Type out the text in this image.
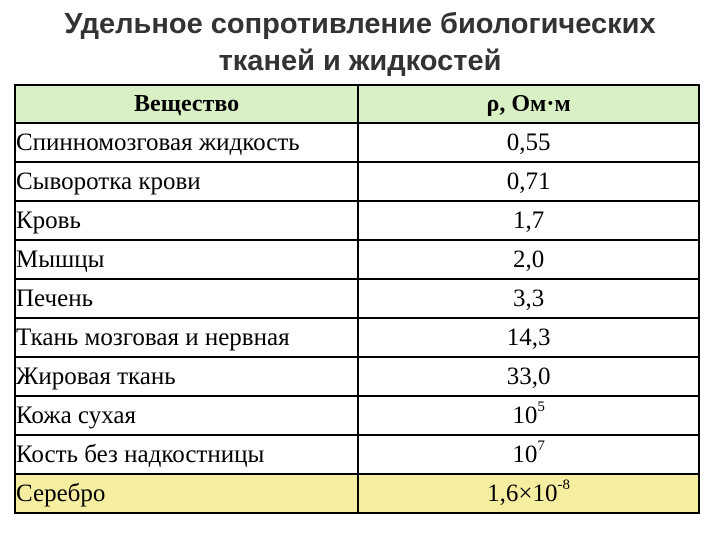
Удельное сопротивление биологических
тканей и жидкостей
Вещество	ρ, Ом·м
Спинномозговая жидкость	0,55
Сыворотка крови	0,71
Кровь	1,7
Мышцы	2,0
Печень	3,3
Ткань мозговая и нервная	14,3
Жировая ткань	33,0
Кожа сухая	$10^5$
Кость без надкостницы	$10^7$
Серебро	$1,6\times 10^{-8}$
